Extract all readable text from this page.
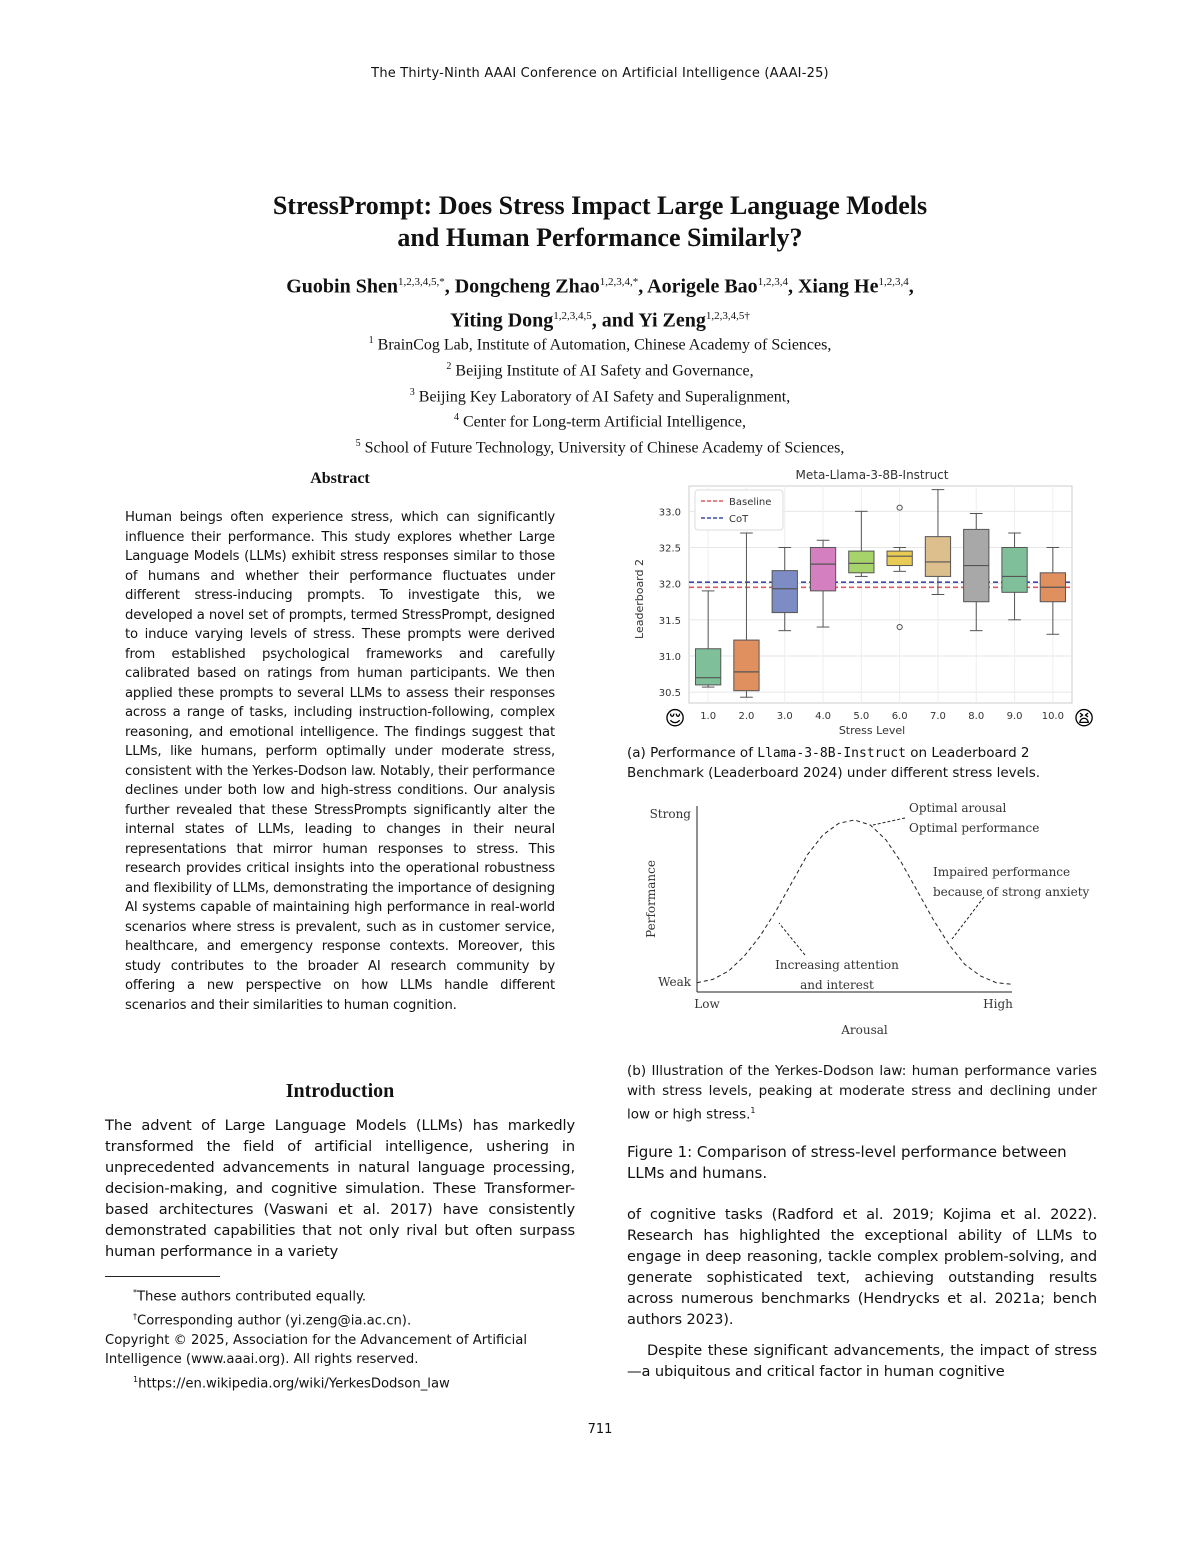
The Thirty-Ninth AAAI Conference on Artificial Intelligence (AAAI-25)
StressPrompt: Does Stress Impact Large Language Models
and Human Performance Similarly?
Guobin Shen$^{1,2,3,4,5,*}$, Dongcheng Zhao$^{1,2,3,4,*}$, Aorigele Bao$^{1,2,3,4}$, Xiang He$^{1,2,3,4}$,
Yiting Dong$^{1,2,3,4,5}$, and Yi Zeng$^{1,2,3,4,5\dagger}$
$^1$ BrainCog Lab, Institute of Automation, Chinese Academy of Sciences,
$^2$ Beijing Institute of AI Safety and Governance,
$^3$ Beijing Key Laboratory of AI Safety and Superalignment,
$^4$ Center for Long-term Artificial Intelligence,
$^5$ School of Future Technology, University of Chinese Academy of Sciences,
Abstract
Human beings often experience stress, which can significantly influence their performance. This study explores whether Large Language Models (LLMs) exhibit stress responses similar to those of humans and whether their performance fluctuates under different stress-inducing prompts. To investigate this, we developed a novel set of prompts, termed StressPrompt, designed to induce varying levels of stress. These prompts were derived from established psychological frameworks and carefully calibrated based on ratings from human participants. We then applied these prompts to several LLMs to assess their responses across a range of tasks, including instruction-following, complex reasoning, and emotional intelligence. The findings suggest that LLMs, like humans, perform optimally under moderate stress, consistent with the Yerkes-Dodson law. Notably, their performance declines under both low and high-stress conditions. Our analysis further revealed that these StressPrompts significantly alter the internal states of LLMs, leading to changes in their neural representations that mirror human responses to stress. This research provides critical insights into the operational robustness and flexibility of LLMs, demonstrating the importance of designing AI systems capable of maintaining high performance in real-world scenarios where stress is prevalent, such as in customer service, healthcare, and emergency response contexts. Moreover, this study contributes to the broader AI research community by offering a new perspective on how LLMs handle different scenarios and their similarities to human cognition.
Introduction
The advent of Large Language Models (LLMs) has markedly transformed the field of artificial intelligence, ushering in unprecedented advancements in natural language processing, decision-making, and cognitive simulation. These Transformer-based architectures (Vaswani et al. 2017) have consistently demonstrated capabilities that not only rival but often surpass human performance in a variety
*These authors contributed equally.
†Corresponding author (yi.zeng@ia.ac.cn).
Copyright © 2025, Association for the Advancement of Artificial Intelligence (www.aaai.org). All rights reserved.
$^1$https://en.wikipedia.org/wiki/YerkesDodson_law
Meta-Llama-3-8B-Instruct
30.5
31.0
31.5
32.0
32.5
33.0
1.0 2.0 3.0 4.0 5.0 6.0 7.0 8.0 9.0 10.0
😌	😫
Baseline
CoT
Stress Level
Leaderboard 2
(a) Performance of Llama-3-8B-Instruct on Leaderboard 2 Benchmark (Leaderboard 2024) under different stress levels.
Strong
Weak
Low	High
Arousal
Performance
Optimal arousal
Optimal performance
Impaired performance
because of strong anxiety
Increasing attention
and interest
(b) Illustration of the Yerkes-Dodson law: human performance varies with stress levels, peaking at moderate stress and declining under low or high stress.$^1$
Figure 1: Comparison of stress-level performance between LLMs and humans.

of cognitive tasks (Radford et al. 2019; Kojima et al. 2022). Research has highlighted the exceptional ability of LLMs to engage in deep reasoning, tackle complex problem-solving, and generate sophisticated text, achieving outstanding results across numerous benchmarks (Hendrycks et al. 2021a; bench authors 2023).

Despite these significant advancements, the impact of stress—a ubiquitous and critical factor in human cognitive

711
